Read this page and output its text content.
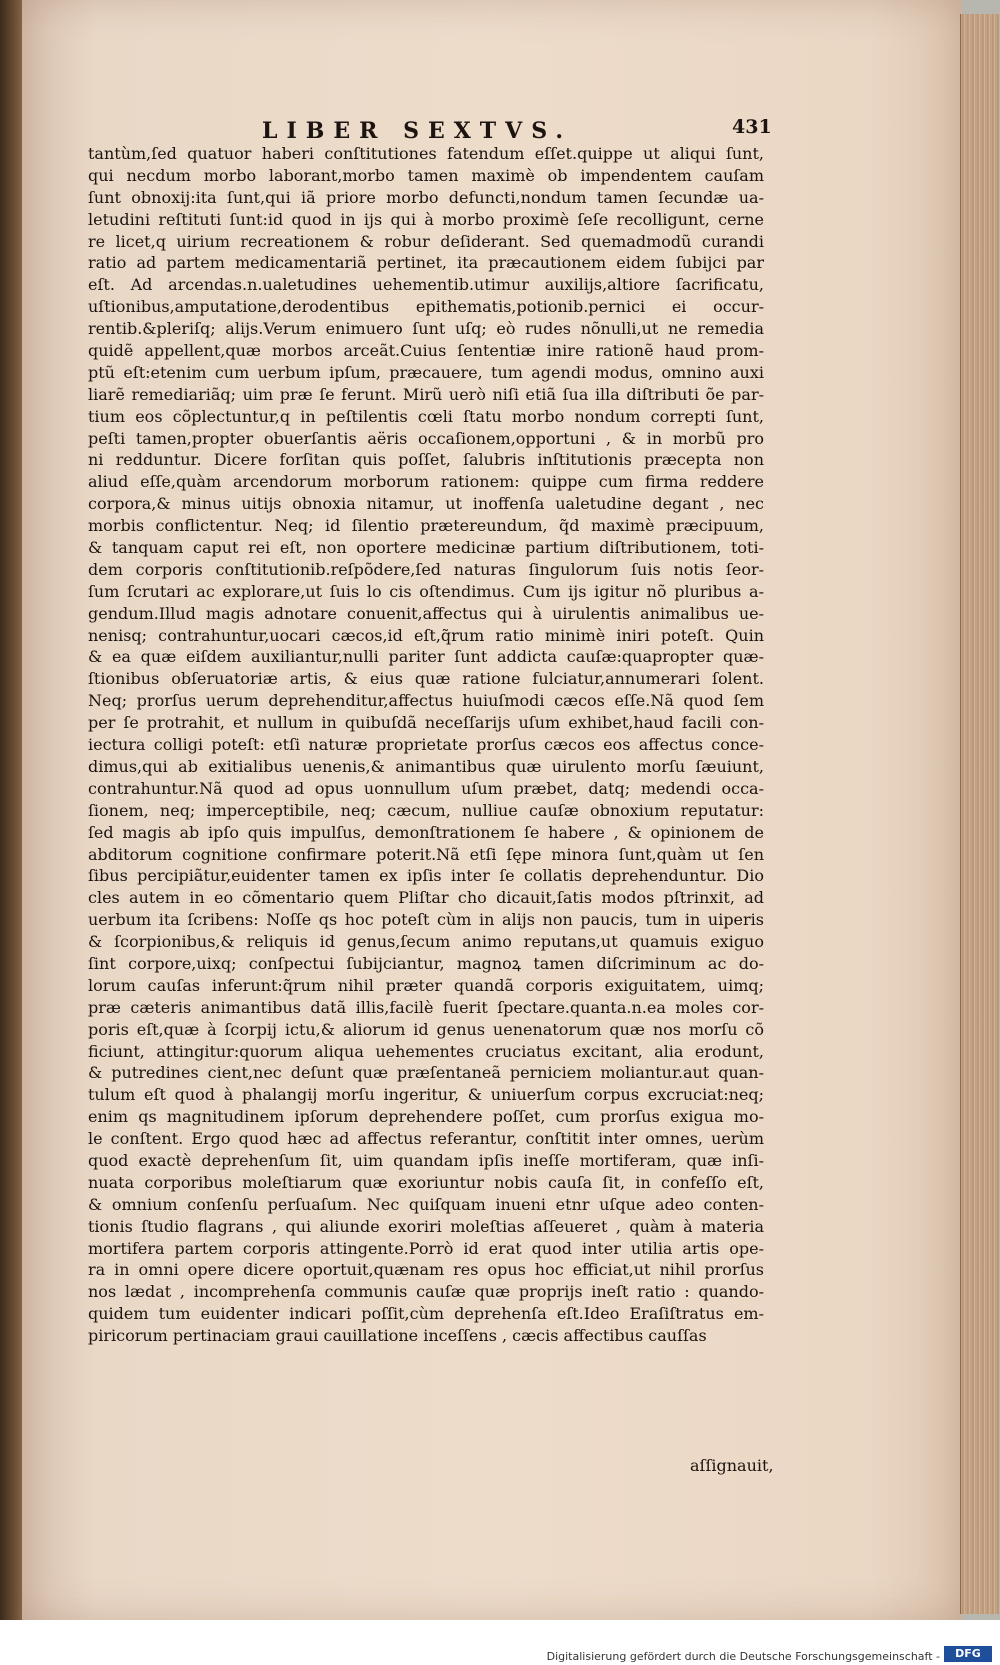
LIBER SEXTVS.	431
tantùm,ſed quatuor haberi conſtitutiones fatendum eſſet.quippe ut aliqui ſunt,
qui necdum morbo laborant,morbo tamen maximè ob impendentem cauſam
ſunt obnoxij:ita ſunt,qui iã priore morbo defuncti,nondum tamen ſecundæ ua-
letudini reſtituti ſunt:id quod in ijs qui à morbo proximè ſeſe recolligunt, cerne
re licet,q uirium recreationem & robur deſiderant. Sed quemadmodũ curandi
ratio ad partem medicamentariã pertinet, ita præcautionem eidem ſubijci par
eſt. Ad arcendas.n.ualetudines uehementib.utimur auxilijs,altiore ſacrificatu,
uſtionibus,amputatione,derodentibus epithematis,potionib.pernici ei occur-
rentib.&pleriſq; alijs.Verum enimuero ſunt uſq; eò rudes nõnulli,ut ne remedia
quidẽ appellent,quæ morbos arceãt.Cuius ſententiæ inire rationẽ haud prom-
ptũ eſt:etenim cum uerbum ipſum, præcauere, tum agendi modus, omnino auxi
liarẽ remediariãq; uim præ ſe ferunt. Mirũ uerò niſi etiã ſua illa diſtributi õe par-
tium eos cõplectuntur,q in peſtilentis cœli ſtatu morbo nondum correpti ſunt,
peſti tamen,propter obuerſantis aëris occaſionem,opportuni , & in morbũ pro
ni redduntur. Dicere forſitan quis poſſet, ſalubris inſtitutionis præcepta non
aliud eſſe,quàm arcendorum morborum rationem: quippe cum firma reddere
corpora,& minus uitijs obnoxia nitamur, ut inoffenſa ualetudine degant , nec
morbis conflictentur. Neq; id ſilentio prætereundum, q̃d maximè præcipuum,
& tanquam caput rei eſt, non oportere medicinæ partium diſtributionem, toti-
dem corporis conſtitutionib.reſpõdere,ſed naturas ſingulorum ſuis notis ſeor-
ſum ſcrutari ac explorare,ut ſuis lo cis oſtendimus. Cum ijs igitur nõ pluribus a-
gendum.Illud magis adnotare conuenit,affectus qui à uirulentis animalibus ue-
nenisq; contrahuntur,uocari cæcos,id eſt,q̃rum ratio minimè iniri poteſt. Quin
& ea quæ eiſdem auxiliantur,nulli pariter ſunt addicta cauſæ:quapropter quæ-
ſtionibus obſeruatoriæ artis, & eius quæ ratione fulciatur,annumerari ſolent.
Neq; prorſus uerum deprehenditur,affectus huiuſmodi cæcos eſſe.Nã quod ſem
per ſe protrahit, et nullum in quibuſdã neceſſarijs uſum exhibet,haud facili con-
iectura colligi poteſt: etſi naturæ proprietate prorſus cæcos eos affectus conce-
dimus,qui ab exitialibus uenenis,& animantibus quæ uirulento morſu ſæuiunt,
contrahuntur.Nã quod ad opus uonnullum uſum præbet, datq; medendi occa-
ſionem, neq; imperceptibile, neq; cæcum, nulliue cauſæ obnoxium reputatur:
ſed magis ab ipſo quis impulſus, demonſtrationem ſe habere , & opinionem de
abditorum cognitione confirmare poterit.Nã etſi ſępe minora ſunt,quàm ut ſen
ſibus percipiãtur,euidenter tamen ex ipſis inter ſe collatis deprehenduntur. Dio
cles autem in eo cõmentario quem Pliſtar cho dicauit,ſatis modos pſtrinxit, ad
uerbum ita ſcribens: Noſſe qs hoc poteſt cùm in alijs non paucis, tum in uiperis
& ſcorpionibus,& reliquis id genus,ſecum animo reputans,ut quamuis exiguo
ſint corpore,uixq; conſpectui ſubijciantur, magnoꝝ tamen diſcriminum ac do-
lorum cauſas inferunt:q̃rum nihil præter quandã corporis exiguitatem, uimq;
præ cæteris animantibus datã illis,facilè fuerit ſpectare.quanta.n.ea moles cor-
poris eſt,quæ à ſcorpij ictu,& aliorum id genus uenenatorum quæ nos morſu cõ
ficiunt, attingitur:quorum aliqua uehementes cruciatus excitant, alia erodunt,
& putredines cient,nec deſunt quæ præſentaneã perniciem moliantur.aut quan-
tulum eſt quod à phalangij morſu ingeritur, & uniuerſum corpus excruciat:neq;
enim qs magnitudinem ipſorum deprehendere poſſet, cum prorſus exigua mo-
le conſtent. Ergo quod hæc ad affectus referantur, conſtitit inter omnes, uerùm
quod exactè deprehenſum ſit, uim quandam ipſis ineſſe mortiferam, quæ inſi-
nuata corporibus moleſtiarum quæ exoriuntur nobis cauſa ſit, in confeſſo eſt,
& omnium conſenſu perſuaſum. Nec quiſquam inueni etnr uſque adeo conten-
tionis ſtudio flagrans , qui aliunde exoriri moleſtias aſſeueret , quàm à materia
mortifera partem corporis attingente.Porrò id erat quod inter utilia artis ope-
ra in omni opere dicere oportuit,quænam res opus hoc efficiat,ut nihil prorſus
nos lædat , incomprehenſa communis cauſæ quæ proprijs ineſt ratio : quando-
quidem tum euidenter indicari poſſit,cùm deprehenſa eſt.Ideo Eraſiſtratus em-
piricorum pertinaciam graui cauillatione inceſſens , cæcis affectibus cauſſas
aſſignauit,
Digitalisierung gefördert durch die Deutsche Forschungsgemeinschaft -	DFG
